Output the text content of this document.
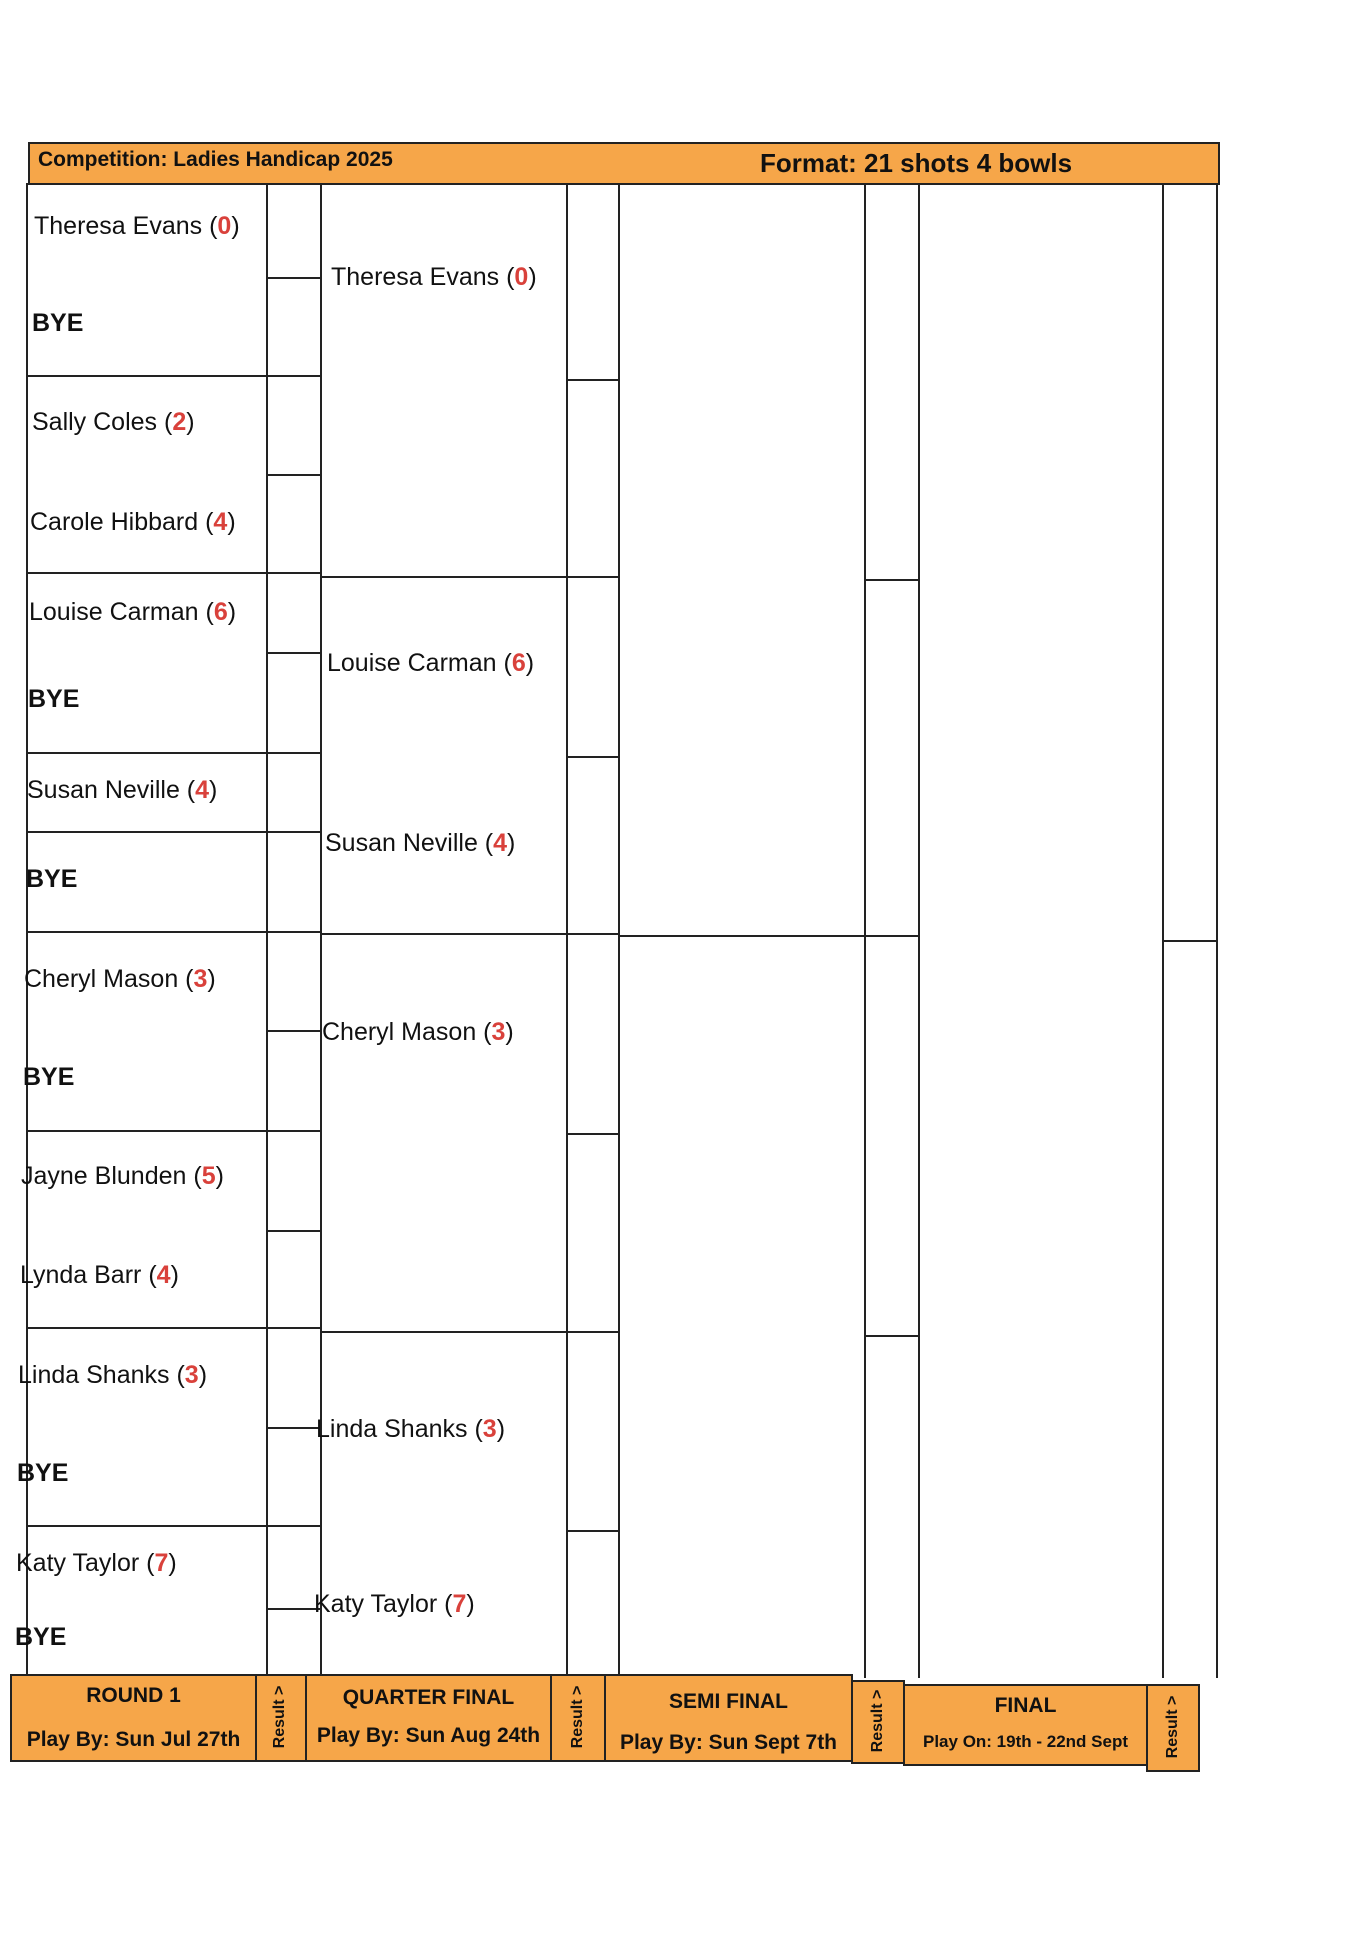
Competition: Ladies Handicap 2025	Format: 21 shots 4 bowls
Theresa Evans (0)
BYE
Sally Coles (2)
Carole Hibbard (4)
Louise Carman (6)
BYE
Susan Neville (4)
BYE
Cheryl Mason (3)
BYE
Jayne Blunden (5)
Lynda Barr (4)
Linda Shanks (3)
BYE
Katy Taylor (7)
BYE
Theresa Evans (0)
Louise Carman (6)
Susan Neville (4)
Cheryl Mason (3)
Linda Shanks (3)
Katy Taylor (7)
ROUND 1
Play By: Sun Jul 27th	Result >	QUARTER FINAL
Play By: Sun Aug 24th	Result >	SEMI FINAL
Play By: Sun Sept 7th	Result >	FINAL
Play On: 19th - 22nd Sept	Result >
